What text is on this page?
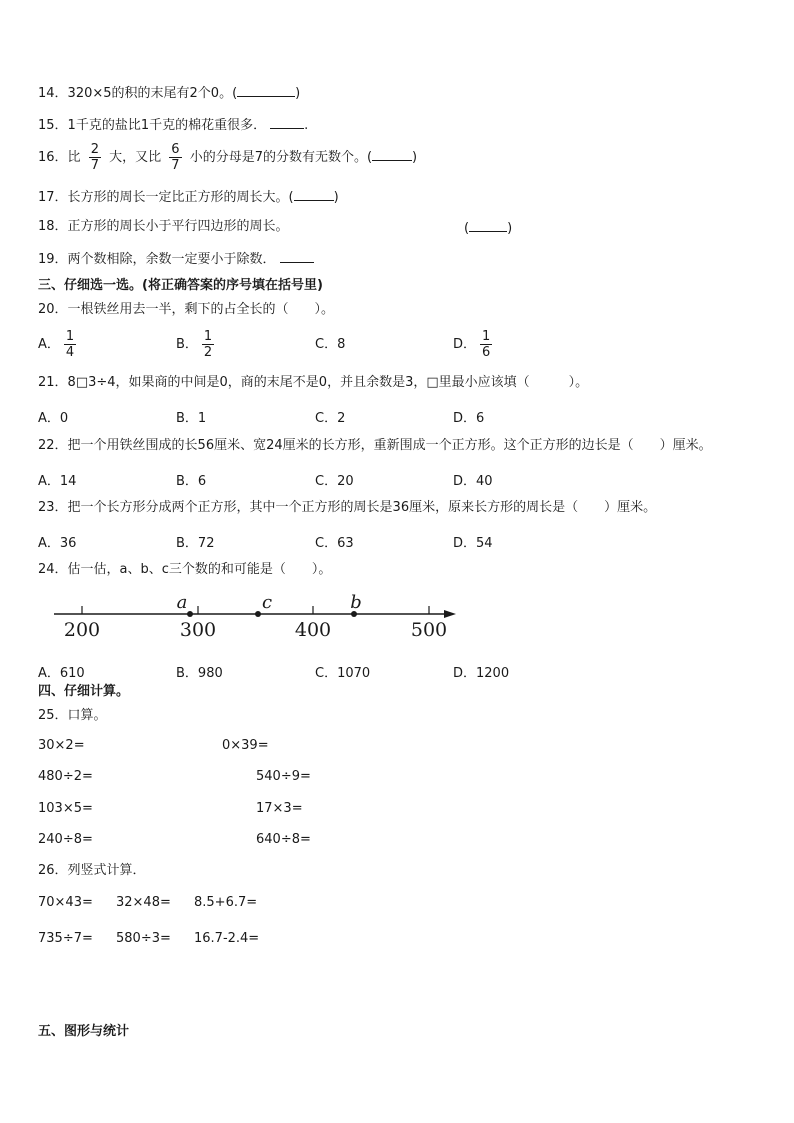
14．320×5的积的末尾有2个0。(	)
15．1千克的盐比1千克的棉花重很多．	.
16．比 $\frac{2}{7}$ 大，又比 $\frac{6}{7}$ 小的分母是7的分数有无数个。(	)
17．长方形的周长一定比正方形的周长大。(	)
18．正方形的周长小于平行四边形的周长。	(	)
19．两个数相除，余数一定要小于除数．
三、仔细选一选。(将正确答案的序号填在括号里)
20．一根铁丝用去一半，剩下的占全长的（　　）。
A． $\frac{1}{4}$	B． $\frac{1}{2}$	C．8	D． $\frac{1}{6}$
21．8□3÷4，如果商的中间是0，商的末尾不是0，并且余数是3，□里最小应该填（　　　）。
A．0	B．1	C．2	D．6
22．把一个用铁丝围成的长56厘米、宽24厘米的长方形，重新围成一个正方形。这个正方形的边长是（　　）厘米。
A．14	B．6	C．20	D．40
23．把一个长方形分成两个正方形，其中一个正方形的周长是36厘米，原来长方形的周长是（　　）厘米。
A．36	B．72	C．63	D．54
24．估一估，a、b、c三个数的和可能是（　　）。
200	300	400	500
a	c	b
A．610	B．980	C．1070	D．1200
四、仔细计算。
25．口算。
30×2=	0×39=
480÷2=	540÷9=
103×5=	17×3=
240÷8=	640÷8=
26．列竖式计算．
70×43= 32×48= 8.5+6.7=
735÷7= 580÷3= 16.7-2.4=
五、图形与统计
